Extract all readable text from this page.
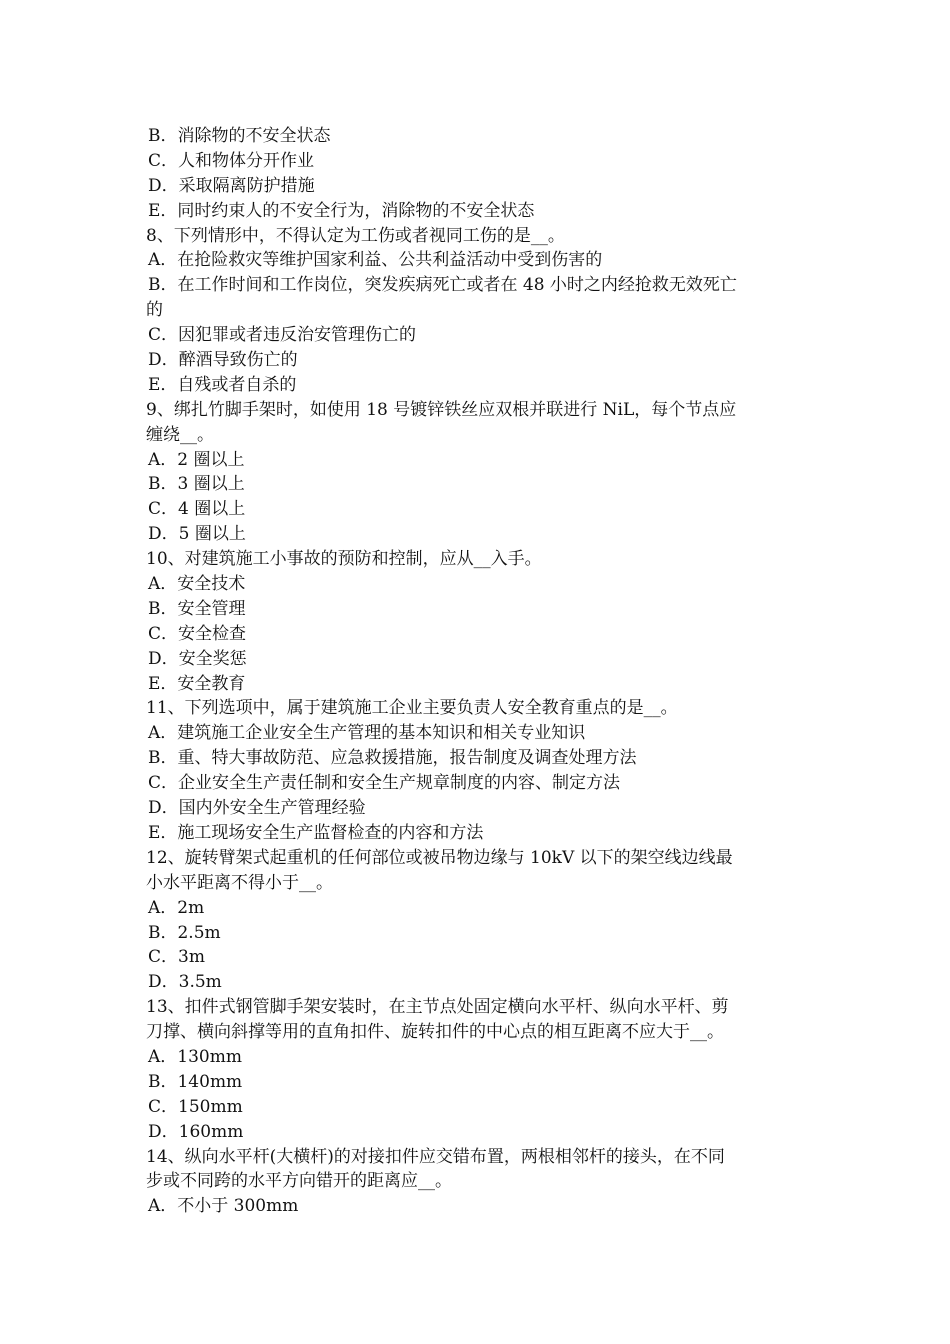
B．消除物的不安全状态
C．人和物体分开作业
D．采取隔离防护措施
E．同时约束人的不安全行为，消除物的不安全状态
8、下列情形中，不得认定为工伤或者视同工伤的是__。
A．在抢险救灾等维护国家利益、公共利益活动中受到伤害的
B．在工作时间和工作岗位，突发疾病死亡或者在 48 小时之内经抢救无效死亡
的
C．因犯罪或者违反治安管理伤亡的
D．醉酒导致伤亡的
E．自残或者自杀的
9、绑扎竹脚手架时，如使用 18 号镀锌铁丝应双根并联进行 NiL，每个节点应
缠绕__。
A．2 圈以上
B．3 圈以上
C．4 圈以上
D．5 圈以上
10、对建筑施工小事故的预防和控制，应从__入手。
A．安全技术
B．安全管理
C．安全检查
D．安全奖惩
E．安全教育
11、下列选项中，属于建筑施工企业主要负责人安全教育重点的是__。
A．建筑施工企业安全生产管理的基本知识和相关专业知识
B．重、特大事故防范、应急救援措施，报告制度及调查处理方法
C．企业安全生产责任制和安全生产规章制度的内容、制定方法
D．国内外安全生产管理经验
E．施工现场安全生产监督检查的内容和方法
12、旋转臂架式起重机的任何部位或被吊物边缘与 10kV 以下的架空线边线最
小水平距离不得小于__。
A．2m
B．2.5m
C．3m
D．3.5m
13、扣件式钢管脚手架安装时，在主节点处固定横向水平杆、纵向水平杆、剪
刀撑、横向斜撑等用的直角扣件、旋转扣件的中心点的相互距离不应大于__。
A．130mm
B．140mm
C．150mm
D．160mm
14、纵向水平杆(大横杆)的对接扣件应交错布置，两根相邻杆的接头，在不同
步或不同跨的水平方向错开的距离应__。
A．不小于 300mm
